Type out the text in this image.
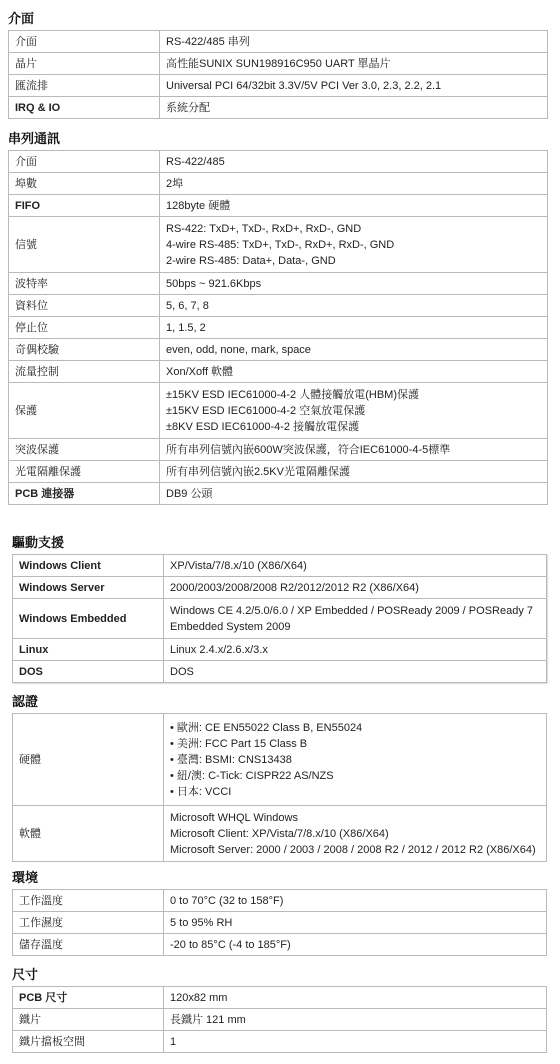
介面
介面	RS-422/485 串列
晶片	高性能SUNIX SUN198916C950 UART 單晶片
匯流排	Universal PCI 64/32bit 3.3V/5V PCI Ver 3.0, 2.3, 2.2, 2.1
IRQ & IO	系統分配
串列通訊
介面	RS-422/485
埠數	2埠
FIFO	128byte 硬體
信號	RS-422: TxD+, TxD-, RxD+, RxD-, GND
4-wire RS-485: TxD+, TxD-, RxD+, RxD-, GND
2-wire RS-485: Data+, Data-, GND

波特率	50bps ~ 921.6Kbps
資料位	5, 6, 7, 8
停止位	1, 1.5, 2
奇偶校驗	even, odd, none, mark, space
流量控制	Xon/Xoff 軟體
保護	±15KV ESD IEC61000-4-2 人體接觸放電(HBM)保護
±15KV ESD IEC61000-4-2 空氣放電保護
±8KV ESD IEC61000-4-2 接觸放電保護

突波保護	所有串列信號內嵌600W突波保護，符合IEC61000-4-5標準
光電隔離保護	所有串列信號內嵌2.5KV光電隔離保護
PCB 連接器	DB9 公頭
驅動支援
Windows Client	XP/Vista/7/8.x/10 (X86/X64)
Windows Server	2000/2003/2008/2008 R2/2012/2012 R2 (X86/X64)
Windows Embedded	Windows CE 4.2/5.0/6.0 / XP Embedded / POSReady 2009 / POSReady 7
Embedded System 2009

Linux	Linux 2.4.x/2.6.x/3.x
DOS	DOS
認證
硬體	• 歐洲: CE EN55022 Class B, EN55024
• 美洲: FCC Part 15 Class B
• 臺灣: BSMI: CNS13438
• 紐/澳: C-Tick: CISPR22 AS/NZS
• 日本: VCCI

軟體	Microsoft WHQL Windows
Microsoft Client: XP/Vista/7/8.x/10 (X86/X64)
Microsoft Server: 2000 / 2003 / 2008 / 2008 R2 / 2012 / 2012 R2 (X86/X64)
環境
工作溫度	0 to 70°C (32 to 158°F)
工作濕度	5 to 95% RH
儲存溫度	-20 to 85°C (-4 to 185°F)
尺寸
PCB 尺寸	120x82 mm
鐵片	長鐵片 121 mm
鐵片擋板空間	1
